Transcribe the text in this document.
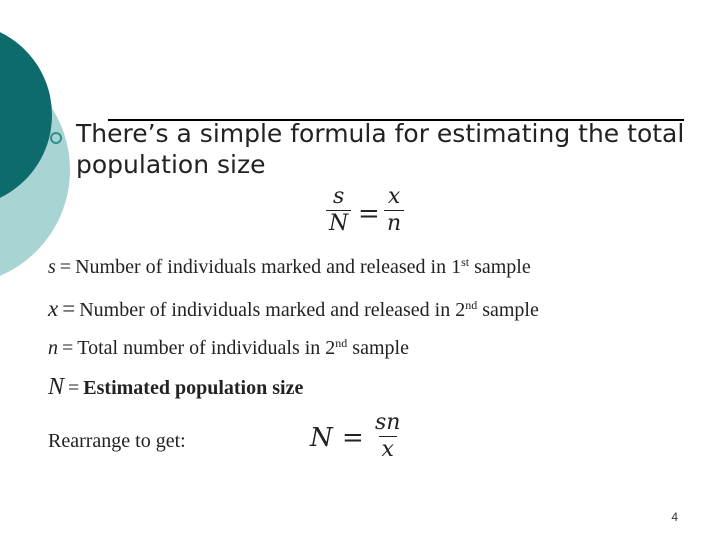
There’s a simple formula for estimating the total population size
$\frac{s}{N} = \frac{x}{n}$
s = Number of individuals marked and released in 1st sample
x = Number of individuals marked and released in 2nd sample
n = Total number of individuals in 2nd sample
N = Estimated population size
Rearrange to get:	$N = \frac{sn}{x}$
4
